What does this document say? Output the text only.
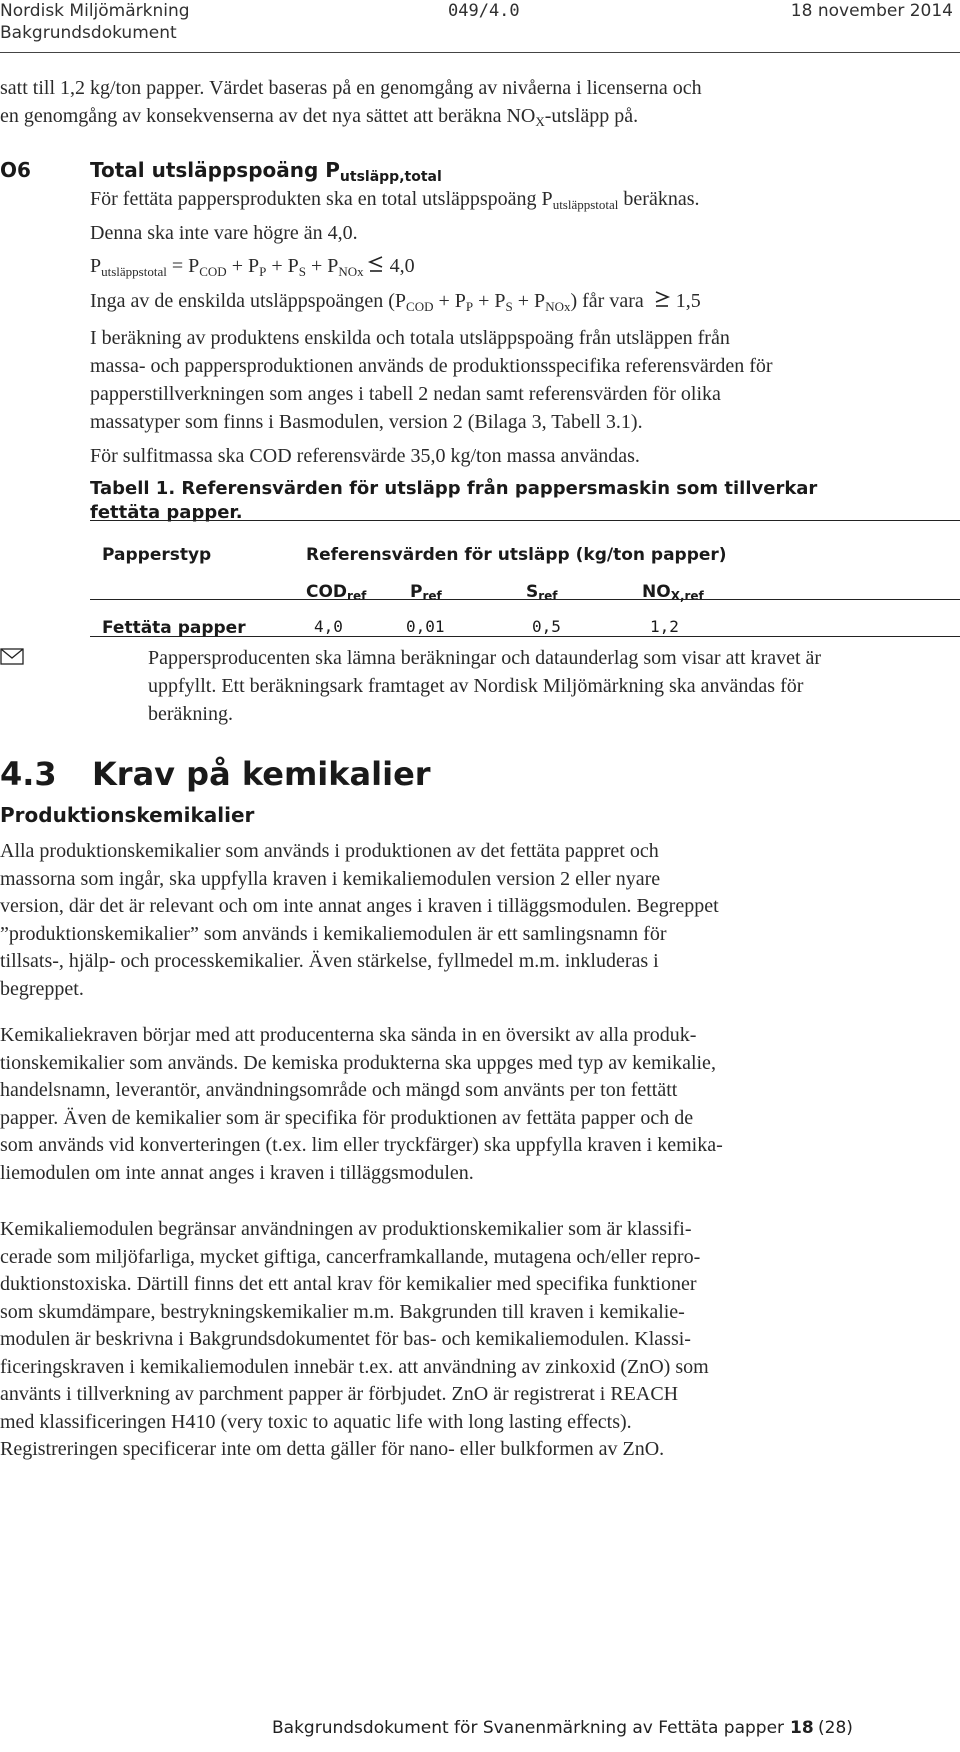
Nordisk Miljömärkning
Bakgrundsdokument
049/4.0	18 november 2014

satt till 1,2 kg/ton papper. Värdet baseras på en genomgång av nivåerna i licenserna och

en genomgång av konsekvenserna av det nya sättet att beräkna $NO_X$-utsläpp på.

O6	Total utsläppspoäng $P_{utsläpp,total}$

För fettäta pappersprodukten ska en total utsläppspoäng $P_{utsläppstotal}$ beräknas.

Denna ska inte vare högre än 4,0.

$P_{utsläppstotal} = P_{COD} + P_P + P_S + P_{NOx}$ 4,0

Inga av de enskilda utsläppspoängen $(P_{COD} + P_P + P_S + P_{NOx})$ får vara  1,5

I beräkning av produktens enskilda och totala utsläppspoäng från utsläppen från

massa- och pappersproduktionen används de produktionsspecifika referensvärden för

papperstillverkningen som anges i tabell 2 nedan samt referensvärden för olika

massatyper som finns i Basmodulen, version 2 (Bilaga 3, Tabell 3.1).

För sulfitmassa ska COD referensvärde 35,0 kg/ton massa användas.

Tabell 1. Referensvärden för utsläpp från pappersmaskin som tillverkar
fettäta papper.
Papperstyp	Referensvärden för utsläpp (kg/ton papper)
CODref	Pref	Sref	NOX,ref
Fettäta papper	4,0	0,01	0,5	1,2

Pappersproducenten ska lämna beräkningar och dataunderlag som visar att kravet är

uppfyllt. Ett beräkningsark framtaget av Nordisk Miljömärkning ska användas för

beräkning.

4.3 Krav på kemikalier
Produktionskemikalier

Alla produktionskemikalier som används i produktionen av det fettäta pappret och

massorna som ingår, ska uppfylla kraven i kemikaliemodulen version 2 eller nyare

version, där det är relevant och om inte annat anges i kraven i tilläggsmodulen. Begreppet

”produktionskemikalier” som används i kemikaliemodulen är ett samlingsnamn för

tillsats-, hjälp- och processkemikalier. Även stärkelse, fyllmedel m.m. inkluderas i

begreppet.

Kemikaliekraven börjar med att producenterna ska sända in en översikt av alla produk-

tionskemikalier som används. De kemiska produkterna ska uppges med typ av kemikalie,

handelsnamn, leverantör, användningsområde och mängd som använts per ton fettätt

papper. Även de kemikalier som är specifika för produktionen av fettäta papper och de

som används vid konverteringen (t.ex. lim eller tryckfärger) ska uppfylla kraven i kemika-

liemodulen om inte annat anges i kraven i tilläggsmodulen.

Kemikaliemodulen begränsar användningen av produktionskemikalier som är klassifi-

cerade som miljöfarliga, mycket giftiga, cancerframkallande, mutagena och/eller repro-

duktionstoxiska. Därtill finns det ett antal krav för kemikalier med specifika funktioner

som skumdämpare, bestrykningskemikalier m.m. Bakgrunden till kraven i kemikalie-

modulen är beskrivna i Bakgrundsdokumentet för bas- och kemikaliemodulen. Klassi-

ficeringskraven i kemikaliemodulen innebär t.ex. att användning av zinkoxid (ZnO) som

använts i tillverkning av parchment papper är förbjudet. ZnO är registrerat i REACH

med klassificeringen H410 (very toxic to aquatic life with long lasting effects).

Registreringen specificerar inte om detta gäller för nano- eller bulkformen av ZnO.

Bakgrundsdokument för Svanenmärkning av Fettäta papper 18 (28)
